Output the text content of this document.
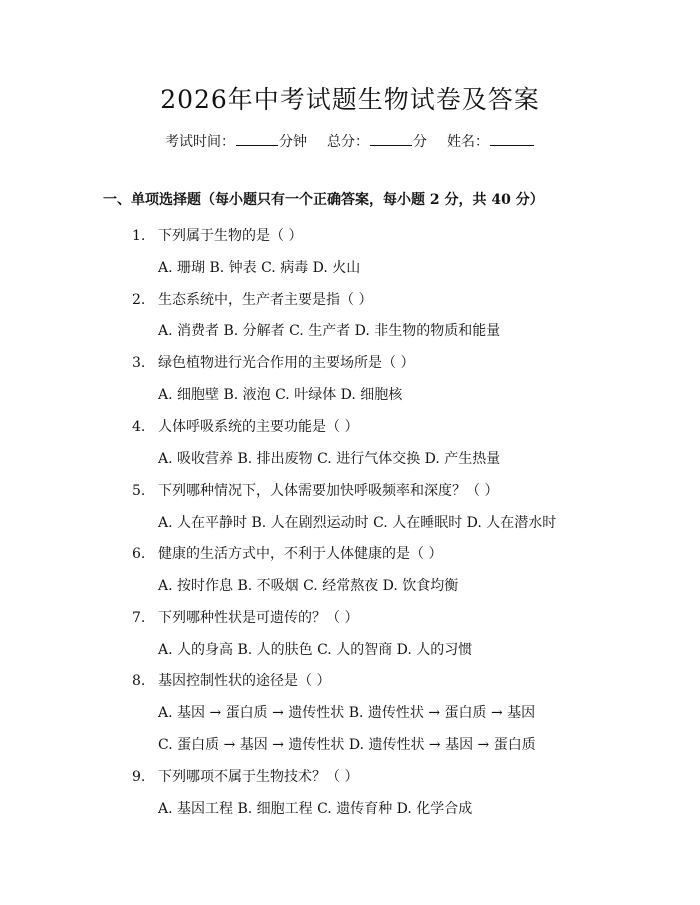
2026年中考试题生物试卷及答案
考试时间：	分钟 总分：	分 姓名：
一、单项选择题（每小题只有一个正确答案，每小题 2 分，共 40 分）
1. 下列属于生物的是（ ）
A. 珊瑚 B. 钟表 C. 病毒 D. 火山
2. 生态系统中，生产者主要是指（ ）
A. 消费者 B. 分解者 C. 生产者 D. 非生物的物质和能量
3. 绿色植物进行光合作用的主要场所是（ ）
A. 细胞壁 B. 液泡 C. 叶绿体 D. 细胞核
4. 人体呼吸系统的主要功能是（ ）
A. 吸收营养 B. 排出废物 C. 进行气体交换 D. 产生热量
5. 下列哪种情况下，人体需要加快呼吸频率和深度？（ ）
A. 人在平静时 B. 人在剧烈运动时 C. 人在睡眠时 D. 人在潜水时
6. 健康的生活方式中，不利于人体健康的是（ ）
A. 按时作息 B. 不吸烟 C. 经常熬夜 D. 饮食均衡
7. 下列哪种性状是可遗传的？（ ）
A. 人的身高 B. 人的肤色 C. 人的智商 D. 人的习惯
8. 基因控制性状的途径是（ ）
A. 基因 → 蛋白质 → 遗传性状 B. 遗传性状 → 蛋白质 → 基因
C. 蛋白质 → 基因 → 遗传性状 D. 遗传性状 → 基因 → 蛋白质
9. 下列哪项不属于生物技术？（ ）
A. 基因工程 B. 细胞工程 C. 遗传育种 D. 化学合成
